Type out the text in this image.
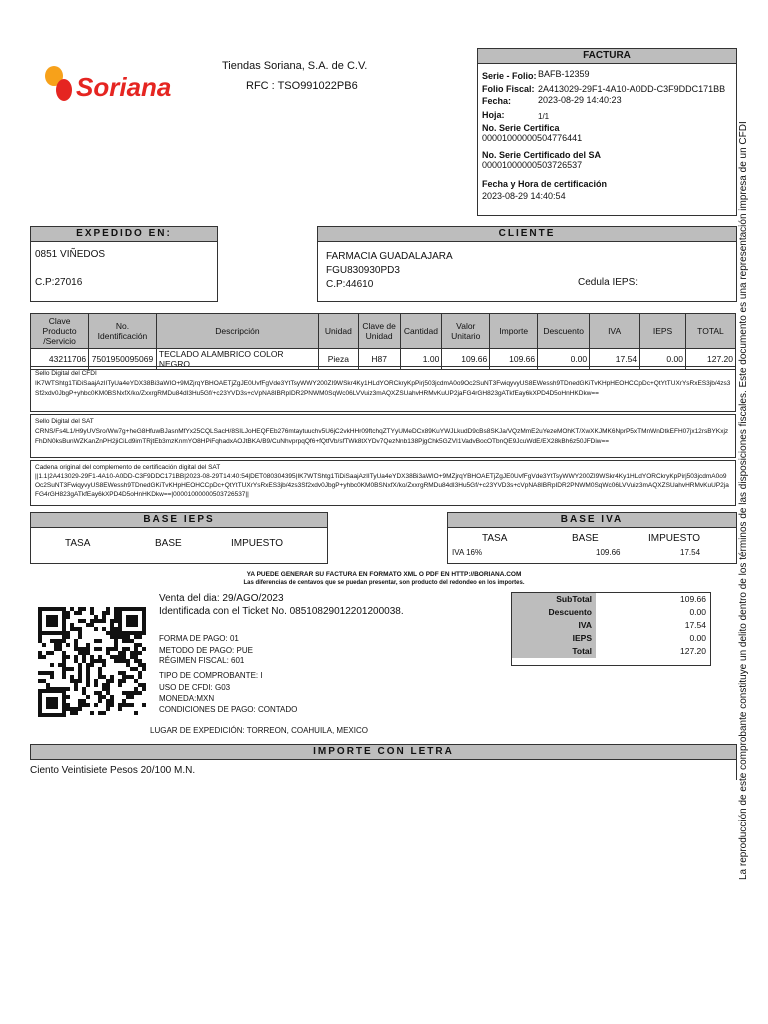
Soriana
Tiendas Soriana, S.A. de C.V.
RFC : TSO991022PB6
FACTURA
Serie - Folio: BAFB-12359
Folio Fiscal: 2A413029-29F1-4A10-A0DD-C3F9DDC171BB
Fecha:	2023-08-29 14:40:23
Hoja:	1/1
No. Serie Certifica
00001000000504776441
No. Serie Certificado del SA
00001000000503726537
Fecha y Hora de certificación
2023-08-29 14:40:54
EXPEDIDO EN:
0851 VIÑEDOS
C.P:27016
CLIENTE
FARMACIA GUADALAJARA
FGU830930PD3
C.P:44610	Cedula IEPS:
Clave Producto /Servicio	No. Identificación	Descripción	Unidad	Clave de Unidad	Cantidad	Valor Unitario	Importe	Descuento	IVA	IEPS	TOTAL
43211706	7501950095069	TECLADO ALAMBRICO COLOR NEGRO	Pieza	H87	1.00	109.66	109.66	0.00	17.54	0.00	127.20
Sello Digital del CFDI
IK7WTShtg1TiDiSaajAzIITyUa4eYDX38Bi3aWIO+9MZjrqYBHOAETjZgJE0UvfFgVde3YtTsyWWY200ZI9WSkr4Ky1HLdYORCkryKpPirj503jcdmA0o9Oc2SuNT3FwiqyvyUS8EWessh9TDnedGKiTvKHpHEOHCCpDc+QtYtTUXrYsRxES3jb/4zs3Sf2xdv0JbgP+yhbc0KM0BSNxfX/ko/ZxxrgRMDu84dI3Hu5Gf/+c23YVD3s+cVpNA8IBRpIDR2PNWM0SqWc06LVVuiz3mAQXZSUahvHRMvKuUP2jaFG4rGH823gATkfEay6kXPD4D5oHnHKDkw==
Sello Digital del SAT
CRNS/Fs4L1/H9yUVSro/Ww7g+heG8HfuwBJasnMfYx25CQLSacH/8SILJoHEQFEb276mtaytuuchv5U6jC2vkHHr09ftchqZTYyUMeDCx89KuYWJLkudD9cBs8SKJa/VQzMmE2uYezeMOhKT/XwXKJMK6NprP5xTMnWnDtkEFH07jx12rsBYKxjzFhDN0ksBunWZKanZnPH2jiCiLd9imTRjtEb3mzKnmYO8HPiFqhadxAOJtBKA/B9/CuNhvprpqQf6+fQtfVb/sfTWk8tXYDv7QezNnb138PjgChk5GZVI1VadvBocOTbnQE9JcuWdE/EX28kBh6z50JFDiw==
Cadena original del complemento de certificación digital del SAT
||1.1|2A413029-29F1-4A10-A0DD-C3F9DDC171BB|2023-08-29T14:40:54|DET080304395|IK7WTShtg1TiDiSaajAzIITyUa4eYDX38Bi3aWIO+9MZjrqYBHOAETjZgJE0UvfFgVde3YtTsyWWY200ZI9WSkr4Ky1HLdYORCkryKpPirj503jcdmA0o9Oc2SuNT3FwiqyvyUS8EWessh9TDnedGKiTvKHpHEOHCCpDc+QtYtTUXrYsRxES3jb/4zs3Sf2xdv0JbgP+yhbc0KM0BSNxfX/ko/ZxxrgRMDu84dI3Hu5Gf/+c23YVD3s+cVpNA8IBRpIDR2PNWM0SqWc06LVVuiz3mAQXZSUahvHRMvKuUP2jaFG4rGH823gATkfEay6kXPD4D5oHnHKDkw==|00001000000503726537||
BASE IEPS
TASA	BASE	IMPUESTO
BASE IVA
TASA	BASE	IMPUESTO
IVA 16%	109.66	17.54
YA PUEDE GENERAR SU FACTURA EN FORMATO XML O PDF EN HTTP://BORIANA.COM
Las diferencias de centavos que se puedan presentar, son producto del redondeo en los importes.
Venta del dia: 29/AGO/2023
Identificada con el Ticket No. 08510829012201200038.
FORMA DE PAGO: 01
METODO DE PAGO: PUE
RÉGIMEN FISCAL: 601
TIPO DE COMPROBANTE: I
USO DE CFDI: G03
MONEDA:MXN
CONDICIONES DE PAGO: CONTADO
LUGAR DE EXPEDICIÓN: TORREON, COAHUILA, MEXICO
SubTotal	109.66
Descuento	0.00
IVA	17.54
IEPS	0.00
Total	127.20
IMPORTE CON LETRA
Ciento Veintisiete Pesos 20/100 M.N.	La reproducción de este comprobante constituye un delito dentro de los términos de las disposiciones fiscales. Este documento es una representación impresa de un CFDI
